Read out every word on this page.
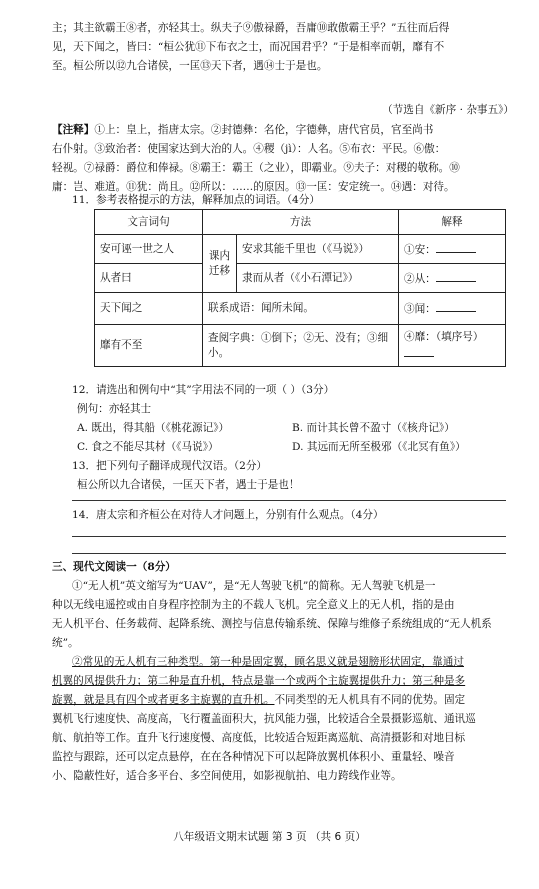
主；其主欲霸王⑧者，亦轻其士。纵夫子⑨傲禄爵，吾庸⑩敢傲霸王乎？”五往而后得
见，天下闻之，皆曰：“桓公犹⑪下布衣之士，而况国君乎？”于是相率而朝，靡有不
至。桓公所以⑫九合诸侯，一匡⑬天下者，遇⑭士于是也。
（节选自《新序 · 杂事五》）
【注释】①上：皇上，指唐太宗。②封德彝：名伦，字德彝，唐代官员，官至尚书
右仆射。③致治者：使国家达到大治的人。④稷（jì）：人名。⑤布衣：平民。⑥傲：
轻视。⑦禄爵：爵位和俸禄。⑧霸王：霸王（之业），即霸业。⑨夫子：对稷的敬称。⑩
庸：岂、难道。⑪犹：尚且。⑫所以：……的原因。⑬一匡：安定统一。⑭遇：对待。
11．参考表格提示的方法，解释加点的词语。（4分）
文言词句	方法		解释
安可诬一世之人	课内迁移	安求其能千里也（《马说》）	①安：
从者曰		隶而从者（《小石潭记》）	②从：
天下闻之	联系成语：闻所未闻。		③闻：
靡有不至	查阅字典：①倒下；②无、没有；③细小。		④靡：（填序号）
12．请选出和例句中“其”字用法不同的一项（ ）（3分）
例句：亦轻其士
A. 既出，得其船（《桃花源记》）	B. 而计其长曾不盈寸（《核舟记》）
C. 食之不能尽其材（《马说》）	D. 其远而无所至极邪（《北冥有鱼》）
13．把下列句子翻译成现代汉语。（2分）
桓公所以九合诸侯，一匡天下者，遇士于是也！
14．唐太宗和齐桓公在对待人才问题上，分别有什么观点。（4分）
三、现代文阅读一（8分）
①“无人机”英文缩写为“UAV”，是“无人驾驶飞机”的简称。无人驾驶飞机是一
种以无线电遥控或由自身程序控制为主的不载人飞机。完全意义上的无人机，指的是由
无人机平台、任务载荷、起降系统、测控与信息传输系统、保障与维修子系统组成的“无人机系
统”。
②常见的无人机有三种类型。第一种是固定翼，顾名思义就是翅膀形状固定，靠通过
机翼的风提供升力；第二种是直升机，特点是靠一个或两个主旋翼提供升力；第三种是多
旋翼，就是具有四个或者更多主旋翼的直升机。不同类型的无人机具有不同的优势。固定
翼机飞行速度快、高度高，飞行覆盖面积大，抗风能力强，比较适合全景摄影巡航、通讯巡
航、航拍等工作。直升飞行速度慢、高度低，比较适合短距离巡航、高清摄影和对地目标
监控与跟踪，还可以定点悬停，在在各种情况下可以起降放翼机体积小、重量轻、噪音
小、隐蔽性好，适合多平台、多空间使用，如影视航拍、电力跨线作业等。
八年级语文期末试题 第 3 页 （共 6 页）
